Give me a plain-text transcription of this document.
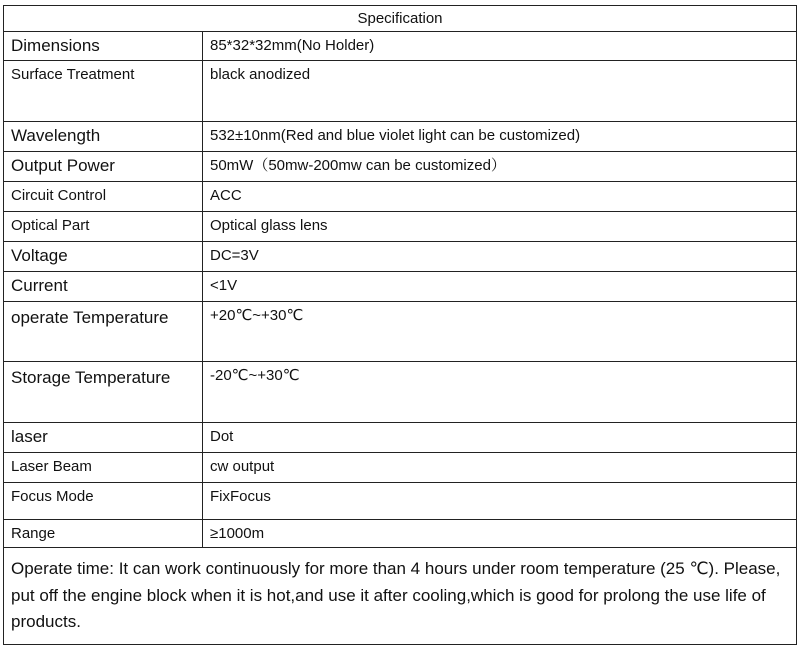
Specification	
Dimensions	85*32*32mm(No Holder)
Surface Treatment	black anodized
Wavelength	532±10nm(Red and blue violet light can be customized)
Output Power	50mW（50mw-200mw can be customized）
Circuit Control	ACC
Optical Part	Optical glass lens
Voltage	DC=3V
Current	<1V
operate Temperature	+20℃~+30℃
Storage Temperature	-20℃~+30℃
laser	Dot
Laser Beam	cw output
Focus Mode	FixFocus
Range	≥1000m
Operate time: It can work continuously for more than 4 hours under room temperature (25 ℃). Please, put off the engine block when it is hot,and use it after cooling,which is good for prolong the use life of products.	
